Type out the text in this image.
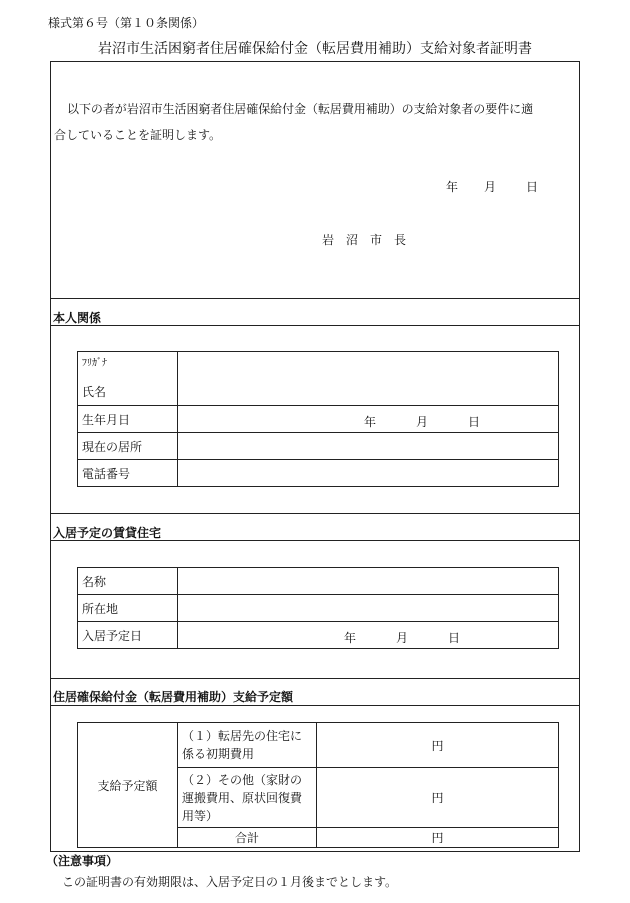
様式第６号（第１０条関係）
岩沼市生活困窮者住居確保給付金（転居費用補助）支給対象者証明書
以下の者が岩沼市生活困窮者住居確保給付金（転居費用補助）の支給対象者の要件に適
合していることを証明します。
年 月 日
岩　沼　市　長
本人関係
ﾌﾘｶﾞﾅ
氏名	

生年月日	年 月 日

現在の居所	
電話番号	
入居予定の賃貸住宅
名称	
所在地	
入居予定日	年 月 日
住居確保給付金（転居費用補助）支給予定額
支給予定額	（１）転居先の住宅に
係る初期費用	円

	（２）その他（家財の
運搬費用、原状回復費
用等）	円
	合計	円
（注意事項）
この証明書の有効期限は、入居予定日の１月後までとします。
